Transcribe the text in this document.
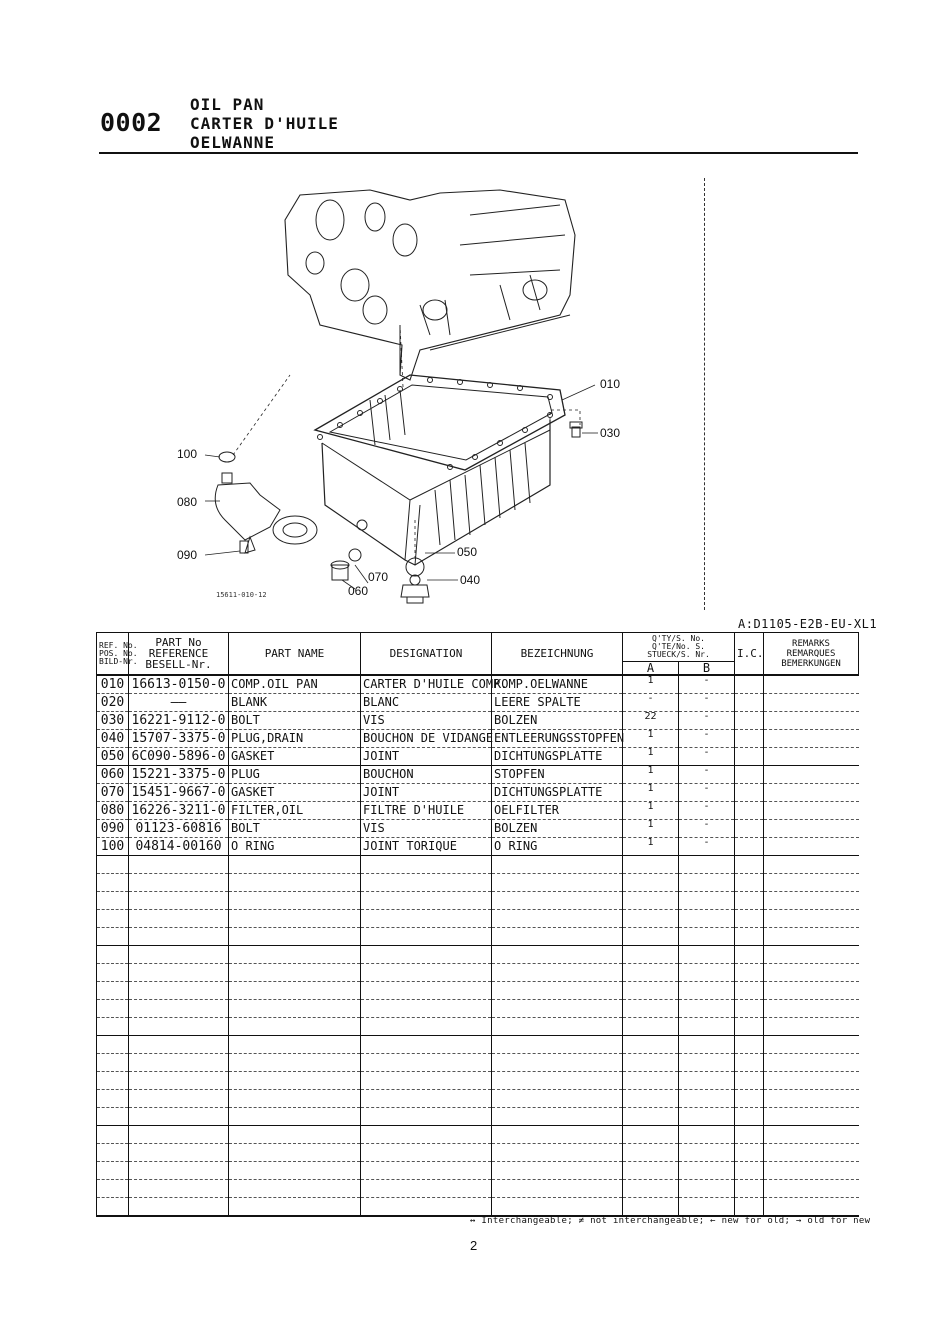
0002
OIL PAN
CARTER D'HUILE
OELWANNE
010
030
100
080
090	050
070
060
040
15611-010-12
A:D1105-E2B-EU-XL1
REF. No.
POS. No.
BILD-Nr.	PART No
REFERENCE
BESELL-Nr.	PART NAME	DESIGNATION	BEZEICHNUNG	Q'TY/S. No.
Q'TE/No. S.
STUECK/S. Nr.		I.C.	REMARKS
REMARQUES
BEMERKUNGEN

					A	B		
010	16613-0150-0	COMP.OIL PAN	CARTER D'HUILE COMP.	KOMP.OELWANNE	1	-		
020	——	BLANK	BLANC	LEERE SPALTE	-	-		
030	16221-9112-0	BOLT	VIS	BOLZEN	22	-		
040	15707-3375-0	PLUG,DRAIN	BOUCHON DE VIDANGE	ENTLEERUNGSSTOPFEN	1	-		
050	6C090-5896-0	GASKET	JOINT	DICHTUNGSPLATTE	1	-		
060	15221-3375-0	PLUG	BOUCHON	STOPFEN	1	-		
070	15451-9667-0	GASKET	JOINT	DICHTUNGSPLATTE	1	-		
080	16226-3211-0	FILTER,OIL	FILTRE D'HUILE	OELFILTER	1	-		
090	01123-60816	BOLT	VIS	BOLZEN	1	-		
100	04814-00160	O RING	JOINT TORIQUE	O RING	1	-		

↔ Interchangeable; ≠ not interchangeable; ← new for old; → old for new
2
